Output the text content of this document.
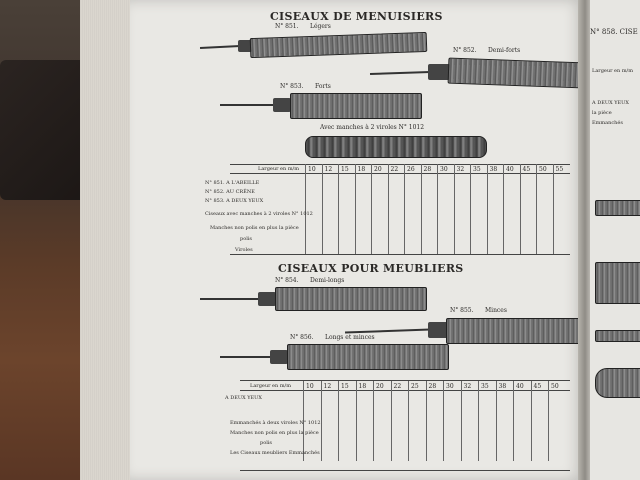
CISEAUX DE MENUISIERS
N° 851. Légers
N° 852. Demi-forts
N° 853. Forts
Avec manches à 2 viroles N° 1012
Largeur en m/m 10 12 15 18 20 22 26 28 30 32 35 38 40 45 50 55
N° 851. A L'ABEILLE
N° 852. AU CRÊNE
N° 853. A DEUX YEUX
Ciseaux avec manches à 2 viroles N° 1012
Manches non polis en plus la pièce
polis
Viroles
CISEAUX POUR MEUBLIERS
N° 854. Demi-longs
N° 855. Minces
N° 856. Longs et minces
Largeur en m/m	10 12 15 18 20 22 25 28 30 32 35 38 40 45 50
A DEUX YEUX
Emmanchés à deux viroles N° 1012
Manches non polis en plus la pièce
polis
Les Ciseaux meubliers Emmanchés
N° 858. CISE
Largeur en m/m
A DEUX YEUX
la pièce
Emmanchés
